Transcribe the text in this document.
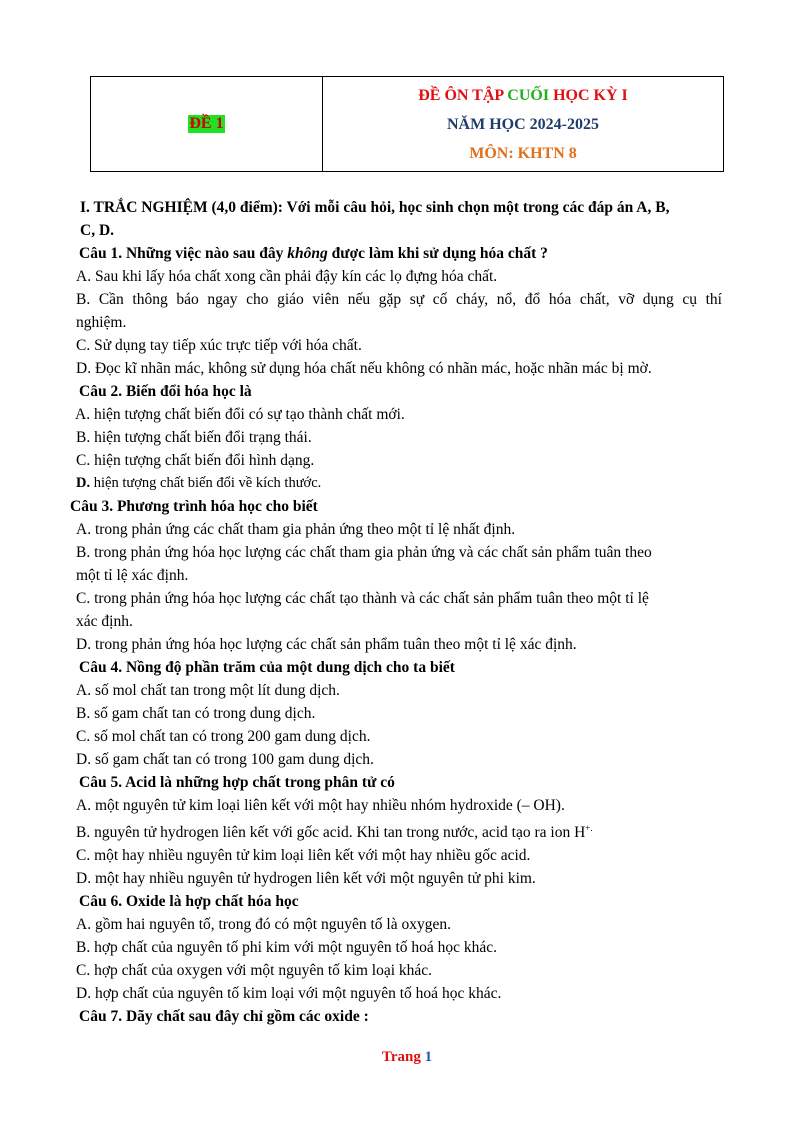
ĐỀ 1
ĐỀ ÔN TẬP CUỐI HỌC KỲ I
NĂM HỌC 2024-2025
MÔN: KHTN 8
I. TRẮC NGHIỆM (4,0 điểm): Với mỗi câu hỏi, học sinh chọn một trong các đáp án A, B,
C, D.
Câu 1. Những việc nào sau đây không được làm khi sử dụng hóa chất ?
A. Sau khi lấy hóa chất xong cần phải đậy kín các lọ đựng hóa chất.
B. Cần thông báo ngay cho giáo viên nếu gặp sự cố cháy, nổ, đổ hóa chất, vỡ dụng cụ thí
nghiệm.
C. Sử dụng tay tiếp xúc trực tiếp với hóa chất.
D. Đọc kĩ nhãn mác, không sử dụng hóa chất nếu không có nhãn mác, hoặc nhãn mác bị mờ.
Câu 2. Biến đổi hóa học là
A. hiện tượng chất biến đổi có sự tạo thành chất mới.
B. hiện tượng chất biến đổi trạng thái.
C. hiện tượng chất biến đổi hình dạng.
D. hiện tượng chất biến đổi về kích thước.
Câu 3. Phương trình hóa học cho biết
A. trong phản ứng các chất tham gia phản ứng theo một tỉ lệ nhất định.
B. trong phản ứng hóa học lượng các chất tham gia phản ứng và các chất sản phẩm tuân theo
một tỉ lệ xác định.
C. trong phản ứng hóa học lượng các chất tạo thành và các chất sản phẩm tuân theo một tỉ lệ
xác định.
D. trong phản ứng hóa học lượng các chất sản phẩm tuân theo một tỉ lệ xác định.
Câu 4. Nồng độ phần trăm của một dung dịch cho ta biết
A. số mol chất tan trong một lít dung dịch.
B. số gam chất tan có trong dung dịch.
C. số mol chất tan có trong 200 gam dung dịch.
D. số gam chất tan có trong 100 gam dung dịch.
Câu 5. Acid là những hợp chất trong phân tử có
A. một nguyên tử kim loại liên kết với một hay nhiều nhóm hydroxide (– OH).
B. nguyên tử hydrogen liên kết với gốc acid. Khi tan trong nước, acid tạo ra ion H+.
C. một hay nhiều nguyên tử kim loại liên kết với một hay nhiều gốc acid.
D. một hay nhiều nguyên tử hydrogen liên kết với một nguyên tử phi kim.
Câu 6. Oxide là hợp chất hóa học
A. gồm hai nguyên tố, trong đó có một nguyên tố là oxygen.
B. hợp chất của nguyên tố phi kim với một nguyên tố hoá học khác.
C. hợp chất của oxygen với một nguyên tố kim loại khác.
D. hợp chất của nguyên tố kim loại với một nguyên tố hoá học khác.
Câu 7. Dãy chất sau đây chỉ gồm các oxide :
Trang 1
